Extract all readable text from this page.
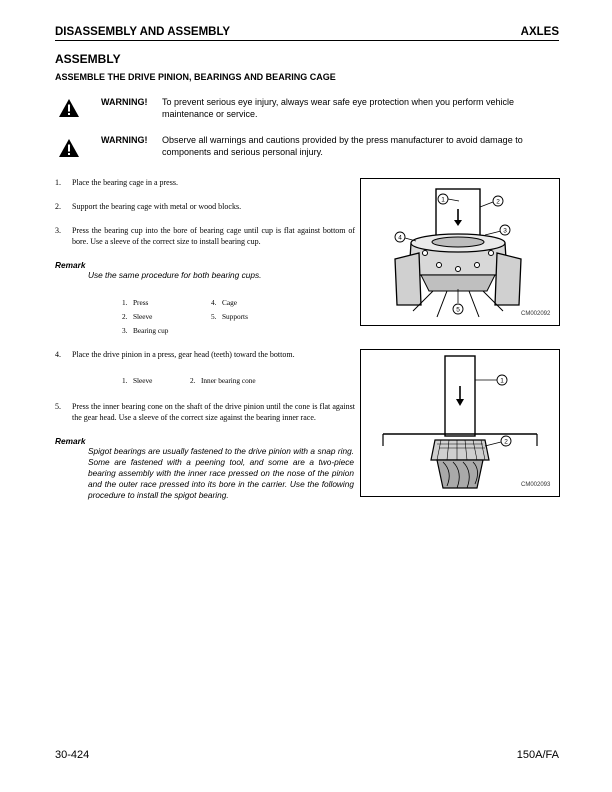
DISASSEMBLY AND ASSEMBLY	AXLES
ASSEMBLY
ASSEMBLE THE DRIVE PINION, BEARINGS AND BEARING CAGE
WARNING! To prevent serious eye injury, always wear safe eye protection when you perform vehicle maintenance or service.
WARNING! Observe all warnings and cautions provided by the press manufacturer to avoid damage to components and serious personal injury.
1. Place the bearing cage in a press.
2. Support the bearing cage with metal or wood blocks.
3. Press the bearing cup into the bore of bearing cage until cup is flat against bottom of bore. Use a sleeve of the correct size to install bearing cup.
Remark
Use the same procedure for both bearing cups.
1. Press
2. Sleeve
3. Bearing cup
4. Cage
5. Supports
1	2
3
4
5
CM002092
4. Place the drive pinion in a press, gear head (teeth) toward the bottom.
1. Sleeve	2. Inner bearing cone
5. Press the inner bearing cone on the shaft of the drive pinion until the cone is flat against the gear head. Use a sleeve of the correct size against the bearing inner race.
Remark
Spigot bearings are usually fastened to the drive pinion with a snap ring. Some are fastened with a peening tool, and some are a two-piece bearing assembly with the inner race pressed on the nose of the pinion and the outer race pressed into its bore in the carrier. Use the following procedure to install the spigot bearing.
1
2
CM002093
30-424	150A/FA
